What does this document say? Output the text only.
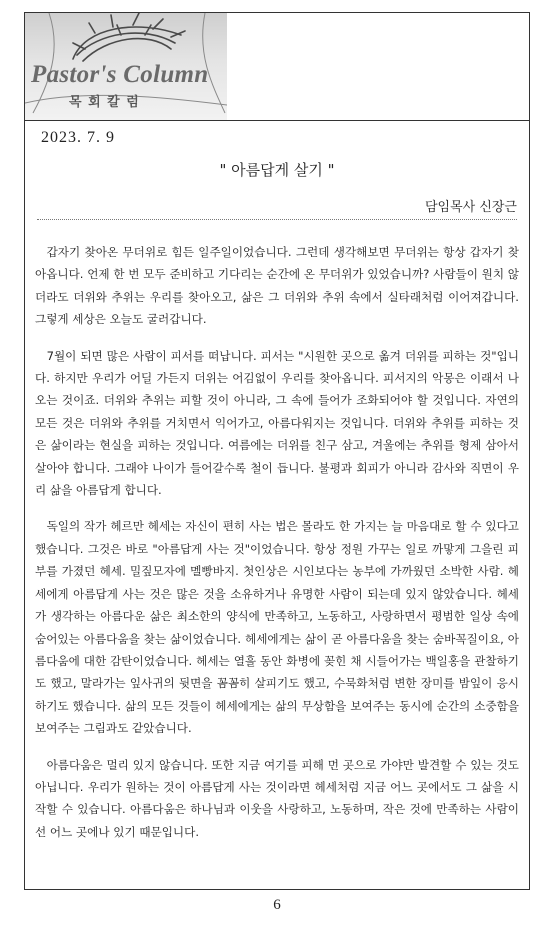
Pastor's Column
목 회 칼 럼
2023. 7. 9
" 아름답게 살기 "
담임목사 신장근

갑자기 찾아온 무더위로 힘든 일주일이었습니다. 그런데 생각해보면 무더위는 항상 갑자기 찾아옵니다. 언제 한 번 모두 준비하고 기다리는 순간에 온 무더위가 있었습니까? 사람들이 원치 않더라도 더위와 추위는 우리를 찾아오고, 삶은 그 더위와 추위 속에서 실타래처럼 이어져갑니다. 그렇게 세상은 오늘도 굴러갑니다.

7월이 되면 많은 사람이 피서를 떠납니다. 피서는 "시원한 곳으로 옮겨 더위를 피하는 것"입니다. 하지만 우리가 어딜 가든지 더위는 어김없이 우리를 찾아옵니다. 피서지의 악몽은 이래서 나오는 것이죠. 더위와 추위는 피할 것이 아니라, 그 속에 들어가 조화되어야 할 것입니다. 자연의 모든 것은 더위와 추위를 거치면서 익어가고, 아름다워지는 것입니다. 더위와 추위를 피하는 것은 삶이라는 현실을 피하는 것입니다. 여름에는 더위를 친구 삼고, 겨울에는 추위를 형제 삼아서 살아야 합니다. 그래야 나이가 들어갈수록 철이 듭니다. 불평과 회피가 아니라 감사와 직면이 우리 삶을 아름답게 합니다.

독일의 작가 헤르만 헤세는 자신이 편히 사는 법은 몰라도 한 가지는 늘 마음대로 할 수 있다고 했습니다. 그것은 바로 "아름답게 사는 것"이었습니다. 항상 정원 가꾸는 일로 까맣게 그을린 피부를 가졌던 헤세. 밀짚모자에 멜빵바지. 첫인상은 시인보다는 농부에 가까웠던 소박한 사람. 헤세에게 아름답게 사는 것은 많은 것을 소유하거나 유명한 사람이 되는데 있지 않았습니다. 헤세가 생각하는 아름다운 삶은 최소한의 양식에 만족하고, 노동하고, 사랑하면서 평범한 일상 속에 숨어있는 아름다움을 찾는 삶이었습니다. 헤세에게는 삶이 곧 아름다움을 찾는 숨바꼭질이요, 아름다움에 대한 감탄이었습니다. 헤세는 열흘 동안 화병에 꽂힌 채 시들어가는 백일홍을 관찰하기도 했고, 말라가는 잎사귀의 뒷면을 꼼꼼히 살피기도 했고, 수묵화처럼 변한 장미를 밤잎이 응시하기도 했습니다. 삶의 모든 것들이 헤세에게는 삶의 무상함을 보여주는 동시에 순간의 소중함을 보여주는 그림과도 같았습니다.

아름다움은 멀리 있지 않습니다. 또한 지금 여기를 피해 먼 곳으로 가야만 발견할 수 있는 것도 아닙니다. 우리가 원하는 것이 아름답게 사는 것이라면 헤세처럼 지금 어느 곳에서도 그 삶을 시작할 수 있습니다. 아름다움은 하나님과 이웃을 사랑하고, 노동하며, 작은 것에 만족하는 사람이 선 어느 곳에나 있기 때문입니다.

6
